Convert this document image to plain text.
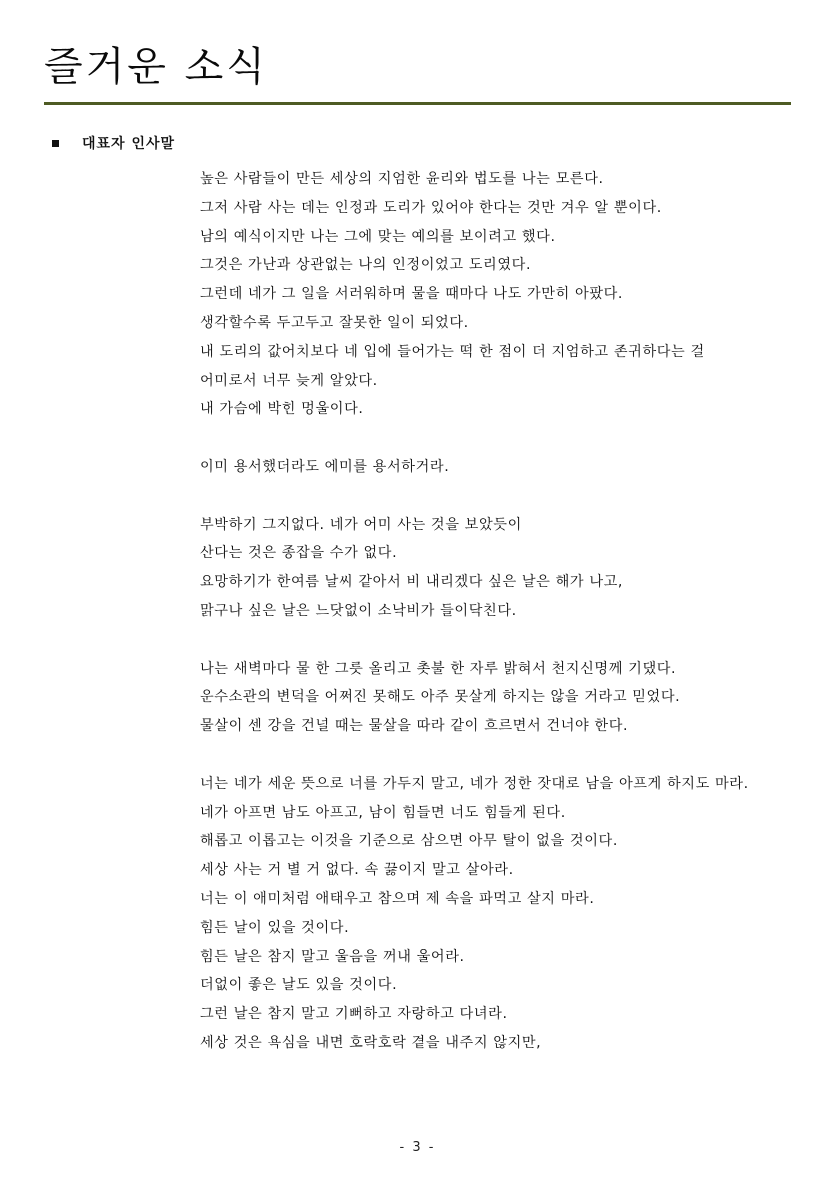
즐거운 소식
대표자 인사말
높은 사람들이 만든 세상의 지엄한 윤리와 법도를 나는 모른다.
그저 사람 사는 데는 인정과 도리가 있어야 한다는 것만 겨우 알 뿐이다.
남의 예식이지만 나는 그에 맞는 예의를 보이려고 했다.
그것은 가난과 상관없는 나의 인정이었고 도리였다.
그런데 네가 그 일을 서러워하며 물을 때마다 나도 가만히 아팠다.
생각할수록 두고두고 잘못한 일이 되었다.
내 도리의 값어치보다 네 입에 들어가는 떡 한 점이 더 지엄하고 존귀하다는 걸
어미로서 너무 늦게 알았다.
내 가슴에 박힌 멍울이다.
이미 용서했더라도 에미를 용서하거라.
부박하기 그지없다. 네가 어미 사는 것을 보았듯이
산다는 것은 종잡을 수가 없다.
요망하기가 한여름 날씨 같아서 비 내리겠다 싶은 날은 해가 나고,
맑구나 싶은 날은 느닷없이 소낙비가 들이닥친다.
나는 새벽마다 물 한 그릇 올리고 촛불 한 자루 밝혀서 천지신명께 기댔다.
운수소관의 변덕을 어쩌진 못해도 아주 못살게 하지는 않을 거라고 믿었다.
물살이 센 강을 건널 때는 물살을 따라 같이 흐르면서 건너야 한다.
너는 네가 세운 뜻으로 너를 가두지 말고, 네가 정한 잣대로 남을 아프게 하지도 마라.
네가 아프면 남도 아프고, 남이 힘들면 너도 힘들게 된다.
해롭고 이롭고는 이것을 기준으로 삼으면 아무 탈이 없을 것이다.
세상 사는 거 별 거 없다. 속 끓이지 말고 살아라.
너는 이 애미처럼 애태우고 참으며 제 속을 파먹고 살지 마라.
힘든 날이 있을 것이다.
힘든 날은 참지 말고 울음을 꺼내 울어라.
더없이 좋은 날도 있을 것이다.
그런 날은 참지 말고 기뻐하고 자랑하고 다녀라.
세상 것은 욕심을 내면 호락호락 곁을 내주지 않지만,
- 3 -
